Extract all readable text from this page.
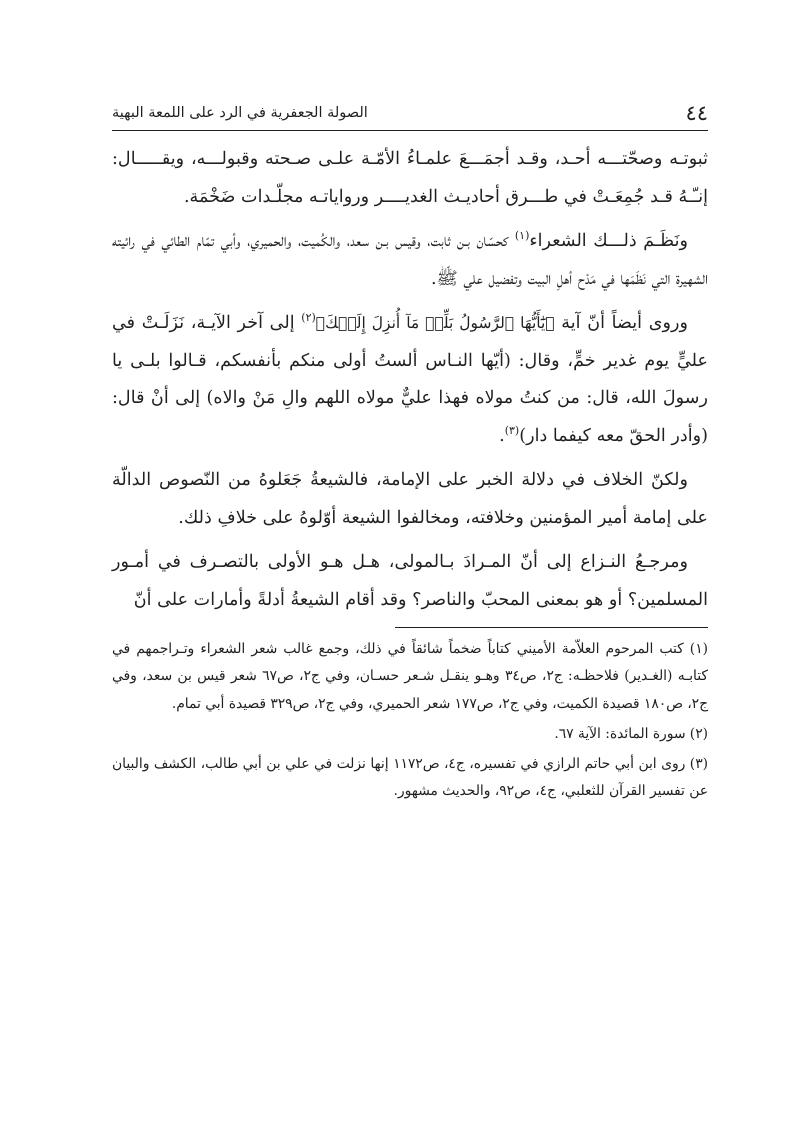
٤٤
الصولة الجعفرية في الرد على اللمعة البهية

ثبوتـه وصحّتـــه أحـد، وقـد أجمَـــعَ علمـاءُ الأمّـة علـى صـحته وقبولـــه، ويقـــــال: إنـّـهُ قـد جُمِعَـتْ في طـــرق أحاديـث الغديــــر ورواياتـه مجلّـدات ضَخْمَة.

ونَظَـمَ ذلـــك الشعراء$^{(١)}$ كحسّان بـن ثابت، وقيس بـن سعد، والكُميت، والحميري، وأبي تمّام الطائي في رائيته الشهيرة التي نَظَمَها في مَدْح أهلِ البيت وتفضيل علي ﷺ.

وروى أيضاً أنّ آية ﴿يَٰٓأَيُّهَا ٱلرَّسُولُ بَلِّغۡ مَآ أُنزِلَ إِلَيۡكَ﴾$^{(٢)}$ إلى آخر الآيـة، نَزَلَـتْ في عليٍّ يوم غدير خمٍّ، وقال: (أيّها النـاس ألستُ أولى منكم بأنفسكم، قـالوا بلـى يا رسولَ الله، قال: من كنتُ مولاه فهذا عليٌّ مولاه اللهم والِ مَنْ والاه) إلى أنْ قال: (وأدر الحقّ معه كيفما دار)$^{(٣)}$.

ولكنّ الخلاف في دلالة الخبر على الإمامة، فالشيعةُ جَعَلوهُ من النّصوص الدالّة على إمامة أمير المؤمنين وخلافته، ومخالفوا الشيعة أوّلوهُ على خلافِ ذلك.

ومرجـعُ النـزاع إلى أنّ المـرادَ بـالمولى، هـل هـو الأولى بالتصـرف في أمـور المسلمين؟ أو هو بمعنى المحبّ والناصر؟ وقد أقام الشيعةُ أدلةً وأمارات على أنّ

(١) كتب المرحوم العلاّمة الأميني كتاباً ضخماً شائقاً في ذلك، وجمع غالب شعر الشعراء وتـراجمهم في كتابـه (الغـدير) فلاحظـه: ج٢، ص٣٤ وهـو ينقـل شـعر حسـان، وفي ج٢، ص٦٧ شعر قيس بن سعد، وفي ج٢، ص١٨٠ قصيدة الكميت، وفي ج٢، ص١٧٧ شعر الحميري، وفي ج٢، ص٣٢٩ قصيدة أبي تمام.

(٢) سورة المائدة: الآية ٦٧.

(٣) روى ابن أبي حاتم الرازي في تفسيره، ج٤، ص١١٧٢ إنها نزلت في علي بن أبي طالب، الكشف والبيان عن تفسير القرآن للثعلبي، ج٤، ص٩٢، والحديث مشهور.
